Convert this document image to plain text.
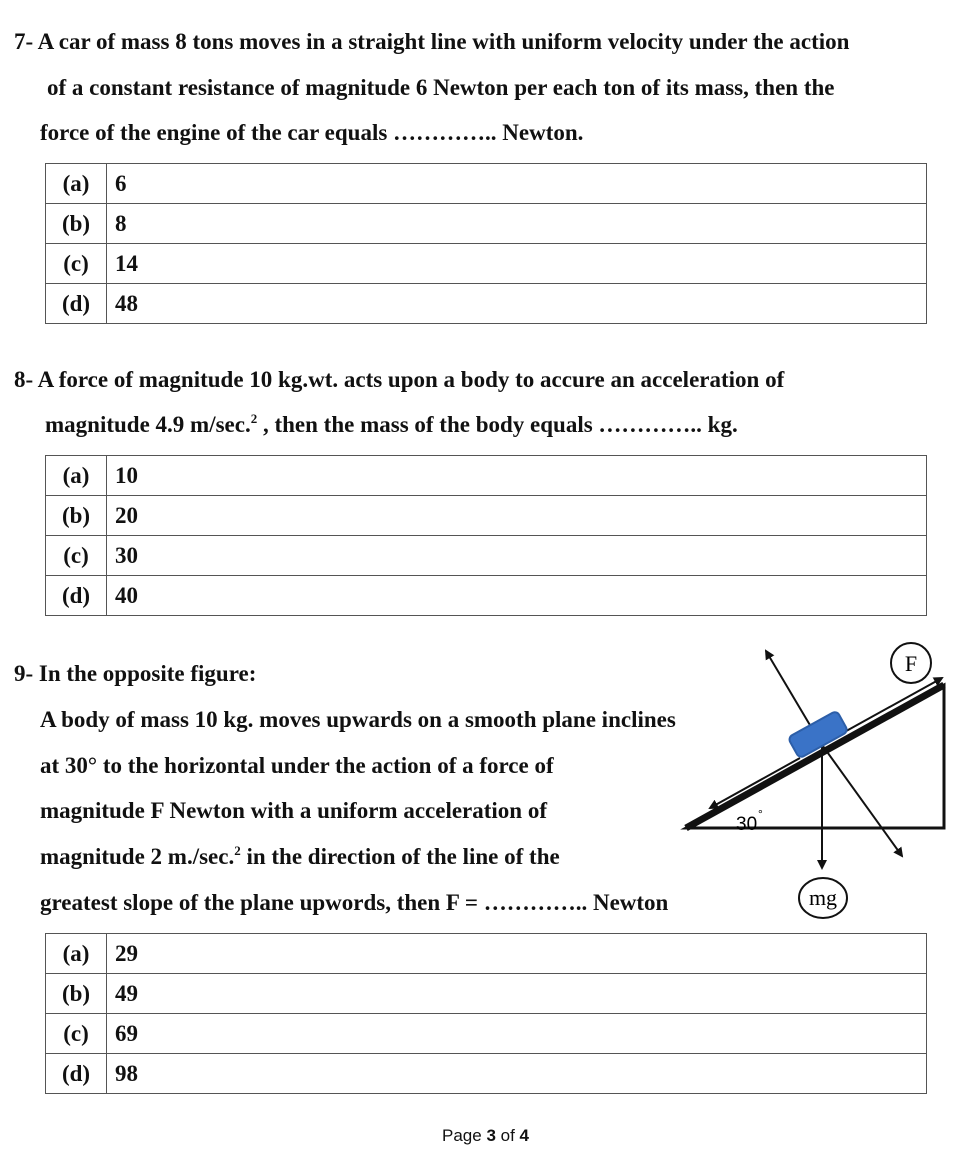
7- A car of mass 8 tons moves in a straight line with uniform velocity under the action
of a constant resistance of magnitude 6 Newton per each ton of its mass, then the
force of the engine of the car equals ………….. Newton.
(a)	6
(b)	8
(c)	14
(d)	48
8- A force of magnitude 10 kg.wt. acts upon a body to accure an acceleration of
magnitude 4.9 m/sec.$^2$ , then the mass of the body equals ………….. kg.
(a)	10
(b)	20
(c)	30
(d)	40
9- In the opposite figure:
A body of mass 10 kg. moves upwards on a smooth plane inclines
at 30° to the horizontal under the action of a force of
magnitude F Newton with a uniform acceleration of
magnitude 2 m./sec.$^2$ in the direction of the line of the
greatest slope of the plane upwords, then F = ………….. Newton
F
mg
30 °
(a)	29
(b)	49
(c)	69
(d)	98
Page 3 of 4
